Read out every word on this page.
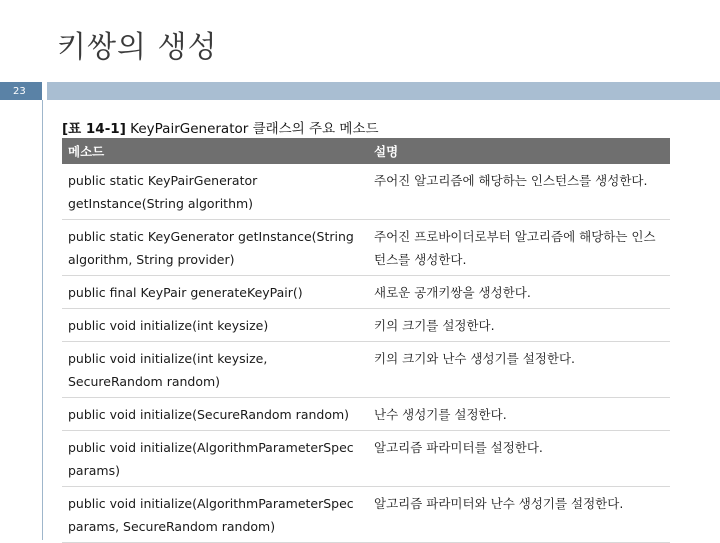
키쌍의 생성
23
[표 14-1] KeyPairGenerator 클래스의 주요 메소드
메소드	설명
public static KeyPairGenerator getInstance(String algorithm)	주어진 알고리즘에 해당하는 인스턴스를 생성한다.
public static KeyGenerator getInstance(String algorithm, String provider)	주어진 프로바이더로부터 알고리즘에 해당하는 인스턴스를 생성한다.
public final KeyPair generateKeyPair()	새로운 공개키쌍을 생성한다.
public void initialize(int keysize)	키의 크기를 설정한다.
public void initialize(int keysize, SecureRandom random)	키의 크기와 난수 생성기를 설정한다.
public void initialize(SecureRandom random)	난수 생성기를 설정한다.
public void initialize(AlgorithmParameterSpec params)	알고리즘 파라미터를 설정한다.
public void initialize(AlgorithmParameterSpec params, SecureRandom random)	알고리즘 파라미터와 난수 생성기를 설정한다.
